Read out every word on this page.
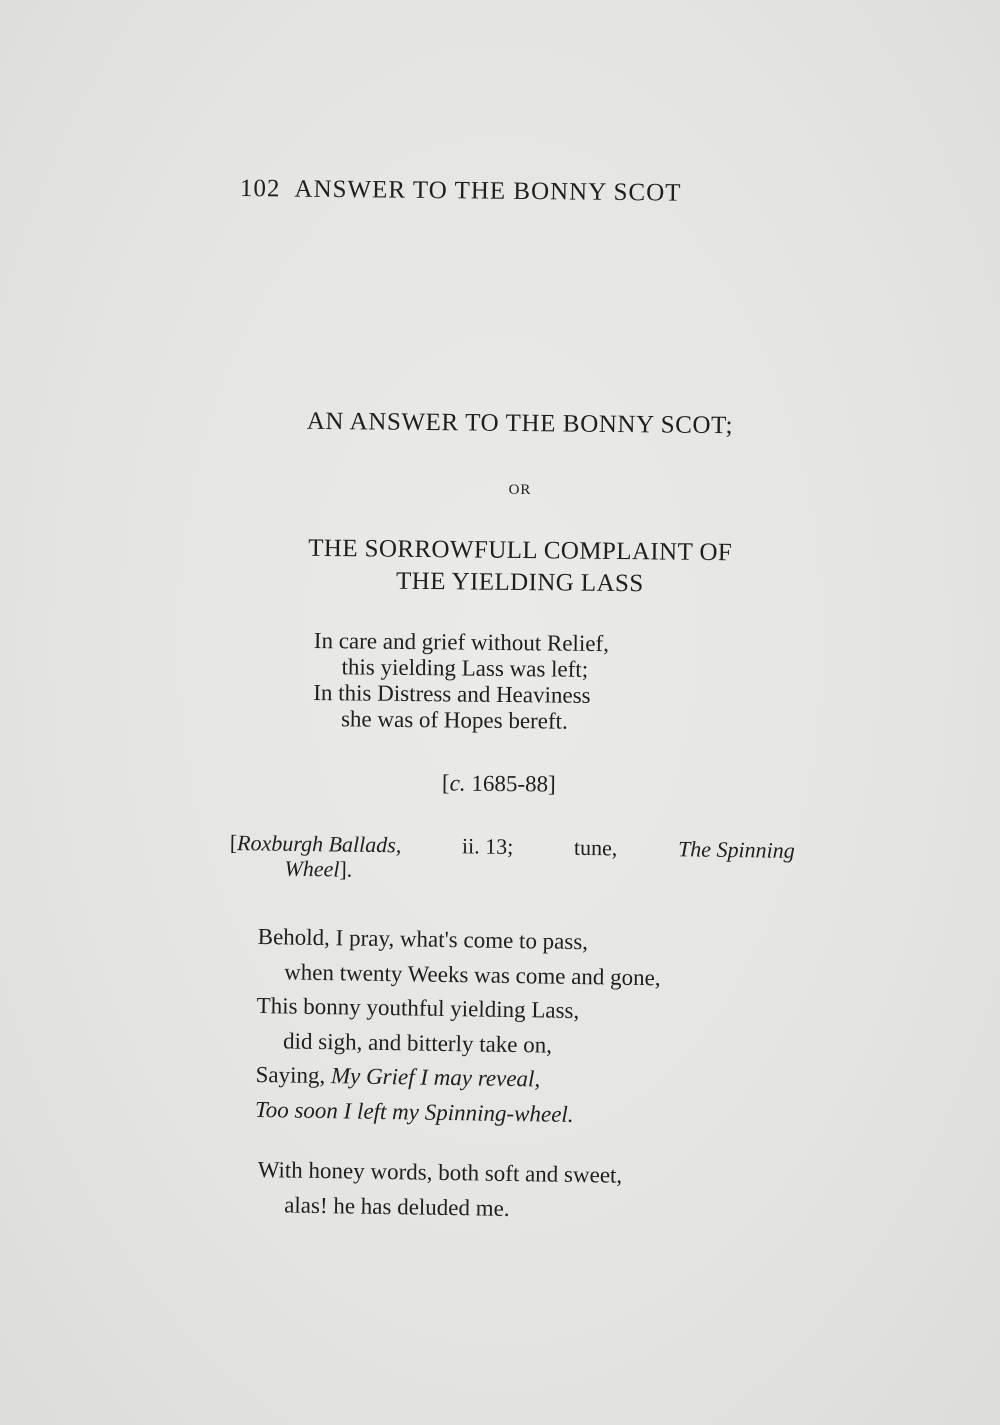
102 ANSWER TO THE BONNY SCOT
AN ANSWER TO THE BONNY SCOT;
OR
THE SORROWFULL COMPLAINT OF
THE YIELDING LASS
In care and grief without Relief,
this yielding Lass was left;
In this Distress and Heaviness
she was of Hopes bereft.
[c. 1685-88]
[Roxburgh Ballads,	ii. 13;	tune,	The Spinning
Wheel].
Behold, I pray, what's come to pass,
when twenty Weeks was come and gone,
This bonny youthful yielding Lass,
did sigh, and bitterly take on,
Saying, My Grief I may reveal,
Too soon I left my Spinning-wheel.
With honey words, both soft and sweet,
alas! he has deluded me.
